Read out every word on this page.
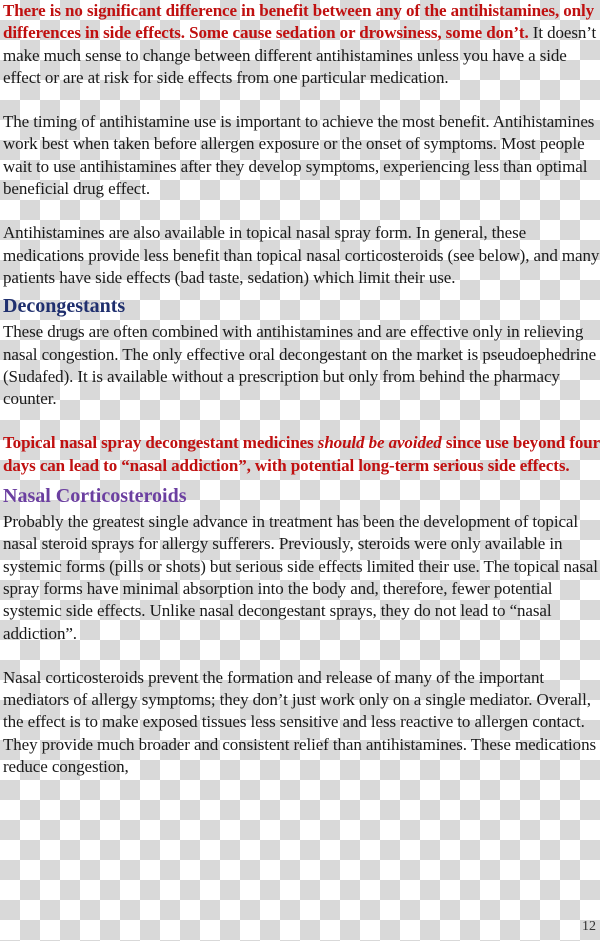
There is no significant difference in benefit between any of the antihistamines, only differences in side effects. Some cause sedation or drowsiness, some don’t. It doesn’t make much sense to change between different antihistamines unless you have a side effect or are at risk for side effects from one particular medication.

The timing of antihistamine use is important to achieve the most benefit. Antihistamines work best when taken before allergen exposure or the onset of symptoms. Most people wait to use antihistamines after they develop symptoms, experiencing less than optimal beneficial drug effect.

Antihistamines are also available in topical nasal spray form. In general, these medications provide less benefit than topical nasal corticosteroids (see below), and many patients have side effects (bad taste, sedation) which limit their use.

Decongestants

These drugs are often combined with antihistamines and are effective only in relieving nasal congestion. The only effective oral decongestant on the market is pseudoephedrine (Sudafed). It is available without a prescription but only from behind the pharmacy counter.

Topical nasal spray decongestant medicines should be avoided since use beyond four days can lead to “nasal addiction”, with potential long-term serious side effects.

Nasal Corticosteroids

Probably the greatest single advance in treatment has been the development of topical nasal steroid sprays for allergy sufferers. Previously, steroids were only available in systemic forms (pills or shots) but serious side effects limited their use. The topical nasal spray forms have minimal absorption into the body and, therefore, fewer potential systemic side effects. Unlike nasal decongestant sprays, they do not lead to “nasal addiction”.

Nasal corticosteroids prevent the formation and release of many of the important mediators of allergy symptoms; they don’t just work only on a single mediator. Overall, the effect is to make exposed tissues less sensitive and less reactive to allergen contact. They provide much broader and consistent relief than antihistamines. These medications reduce congestion,

12
